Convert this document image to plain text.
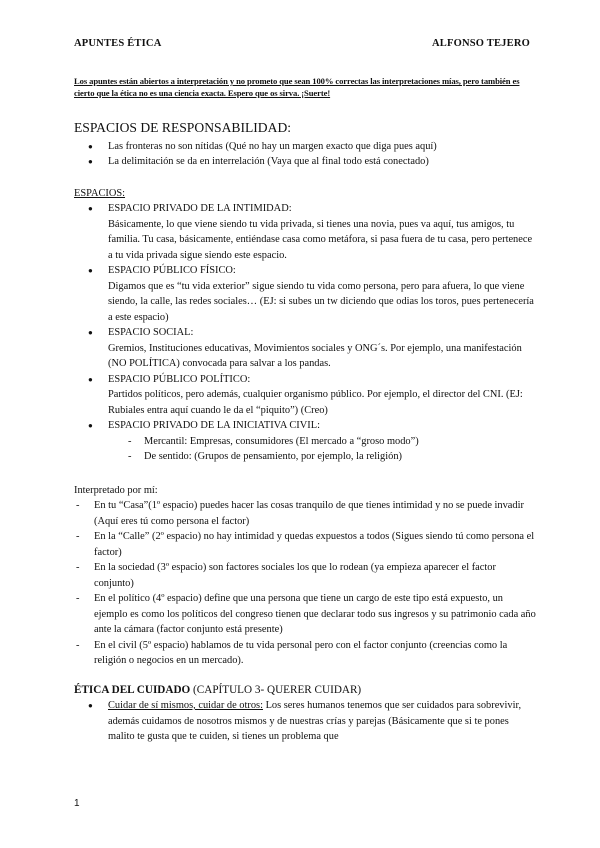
APUNTES ÉTICA	ALFONSO TEJERO
Los apuntes están abiertos a interpretación y no prometo que sean 100% correctas las interpretaciones mías, pero también es cierto que la ética no es una ciencia exacta. Espero que os sirva. ¡Suerte!
ESPACIOS DE RESPONSABILIDAD:
● Las fronteras no son nítidas (Qué no hay un margen exacto que diga pues aquí)
● La delimitación se da en interrelación (Vaya que al final todo está conectado)
ESPACIOS:
● ESPACIO PRIVADO DE LA INTIMIDAD:
Básicamente, lo que viene siendo tu vida privada, si tienes una novia, pues va aquí, tus amigos, tu familia. Tu casa, básicamente, entiéndase casa como metáfora, si pasa fuera de tu casa, pero pertenece a tu vida privada sigue siendo este espacio.
● ESPACIO PÚBLICO FÍSICO:
Digamos que es “tu vida exterior” sigue siendo tu vida como persona, pero para afuera, lo que viene siendo, la calle, las redes sociales… (EJ: si subes un tw diciendo que odias los toros, pues pertenecería a este espacio)
● ESPACIO SOCIAL:
Gremios, Instituciones educativas, Movimientos sociales y ONG´s. Por ejemplo, una manifestación (NO POLÍTICA) convocada para salvar a los pandas.
● ESPACIO PÚBLICO POLÍTICO:
Partidos políticos, pero además, cualquier organismo público. Por ejemplo, el director del CNI. (EJ: Rubiales entra aquí cuando le da el “piquito”) (Creo)
● ESPACIO PRIVADO DE LA INICIATIVA CIVIL:
- Mercantil: Empresas, consumidores (El mercado a “groso modo”)
- De sentido: (Grupos de pensamiento, por ejemplo, la religión)
Interpretado por mí:
- En tu “Casa”(1º espacio) puedes hacer las cosas tranquilo de que tienes intimidad y no se puede invadir (Aquí eres tú como persona el factor)
- En la “Calle” (2º espacio) no hay intimidad y quedas expuestos a todos (Sigues siendo tú como persona el factor)
- En la sociedad (3º espacio) son factores sociales los que lo rodean (ya empieza aparecer el factor conjunto)
- En el político (4º espacio) define que una persona que tiene un cargo de este tipo está expuesto, un ejemplo es como los políticos del congreso tienen que declarar todo sus ingresos y su patrimonio cada año ante la cámara (factor conjunto está presente)
- En el civil (5º espacio) hablamos de tu vida personal pero con el factor conjunto (creencias como la religión o negocios en un mercado).
ÉTICA DEL CUIDADO (CAPÍTULO 3- QUERER CUIDAR)
● Cuidar de sí mismos, cuidar de otros: Los seres humanos tenemos que ser cuidados para sobrevivir, además cuidamos de nosotros mismos y de nuestras crías y parejas (Básicamente que si te pones malito te gusta que te cuiden, si tienes un problema que
1
